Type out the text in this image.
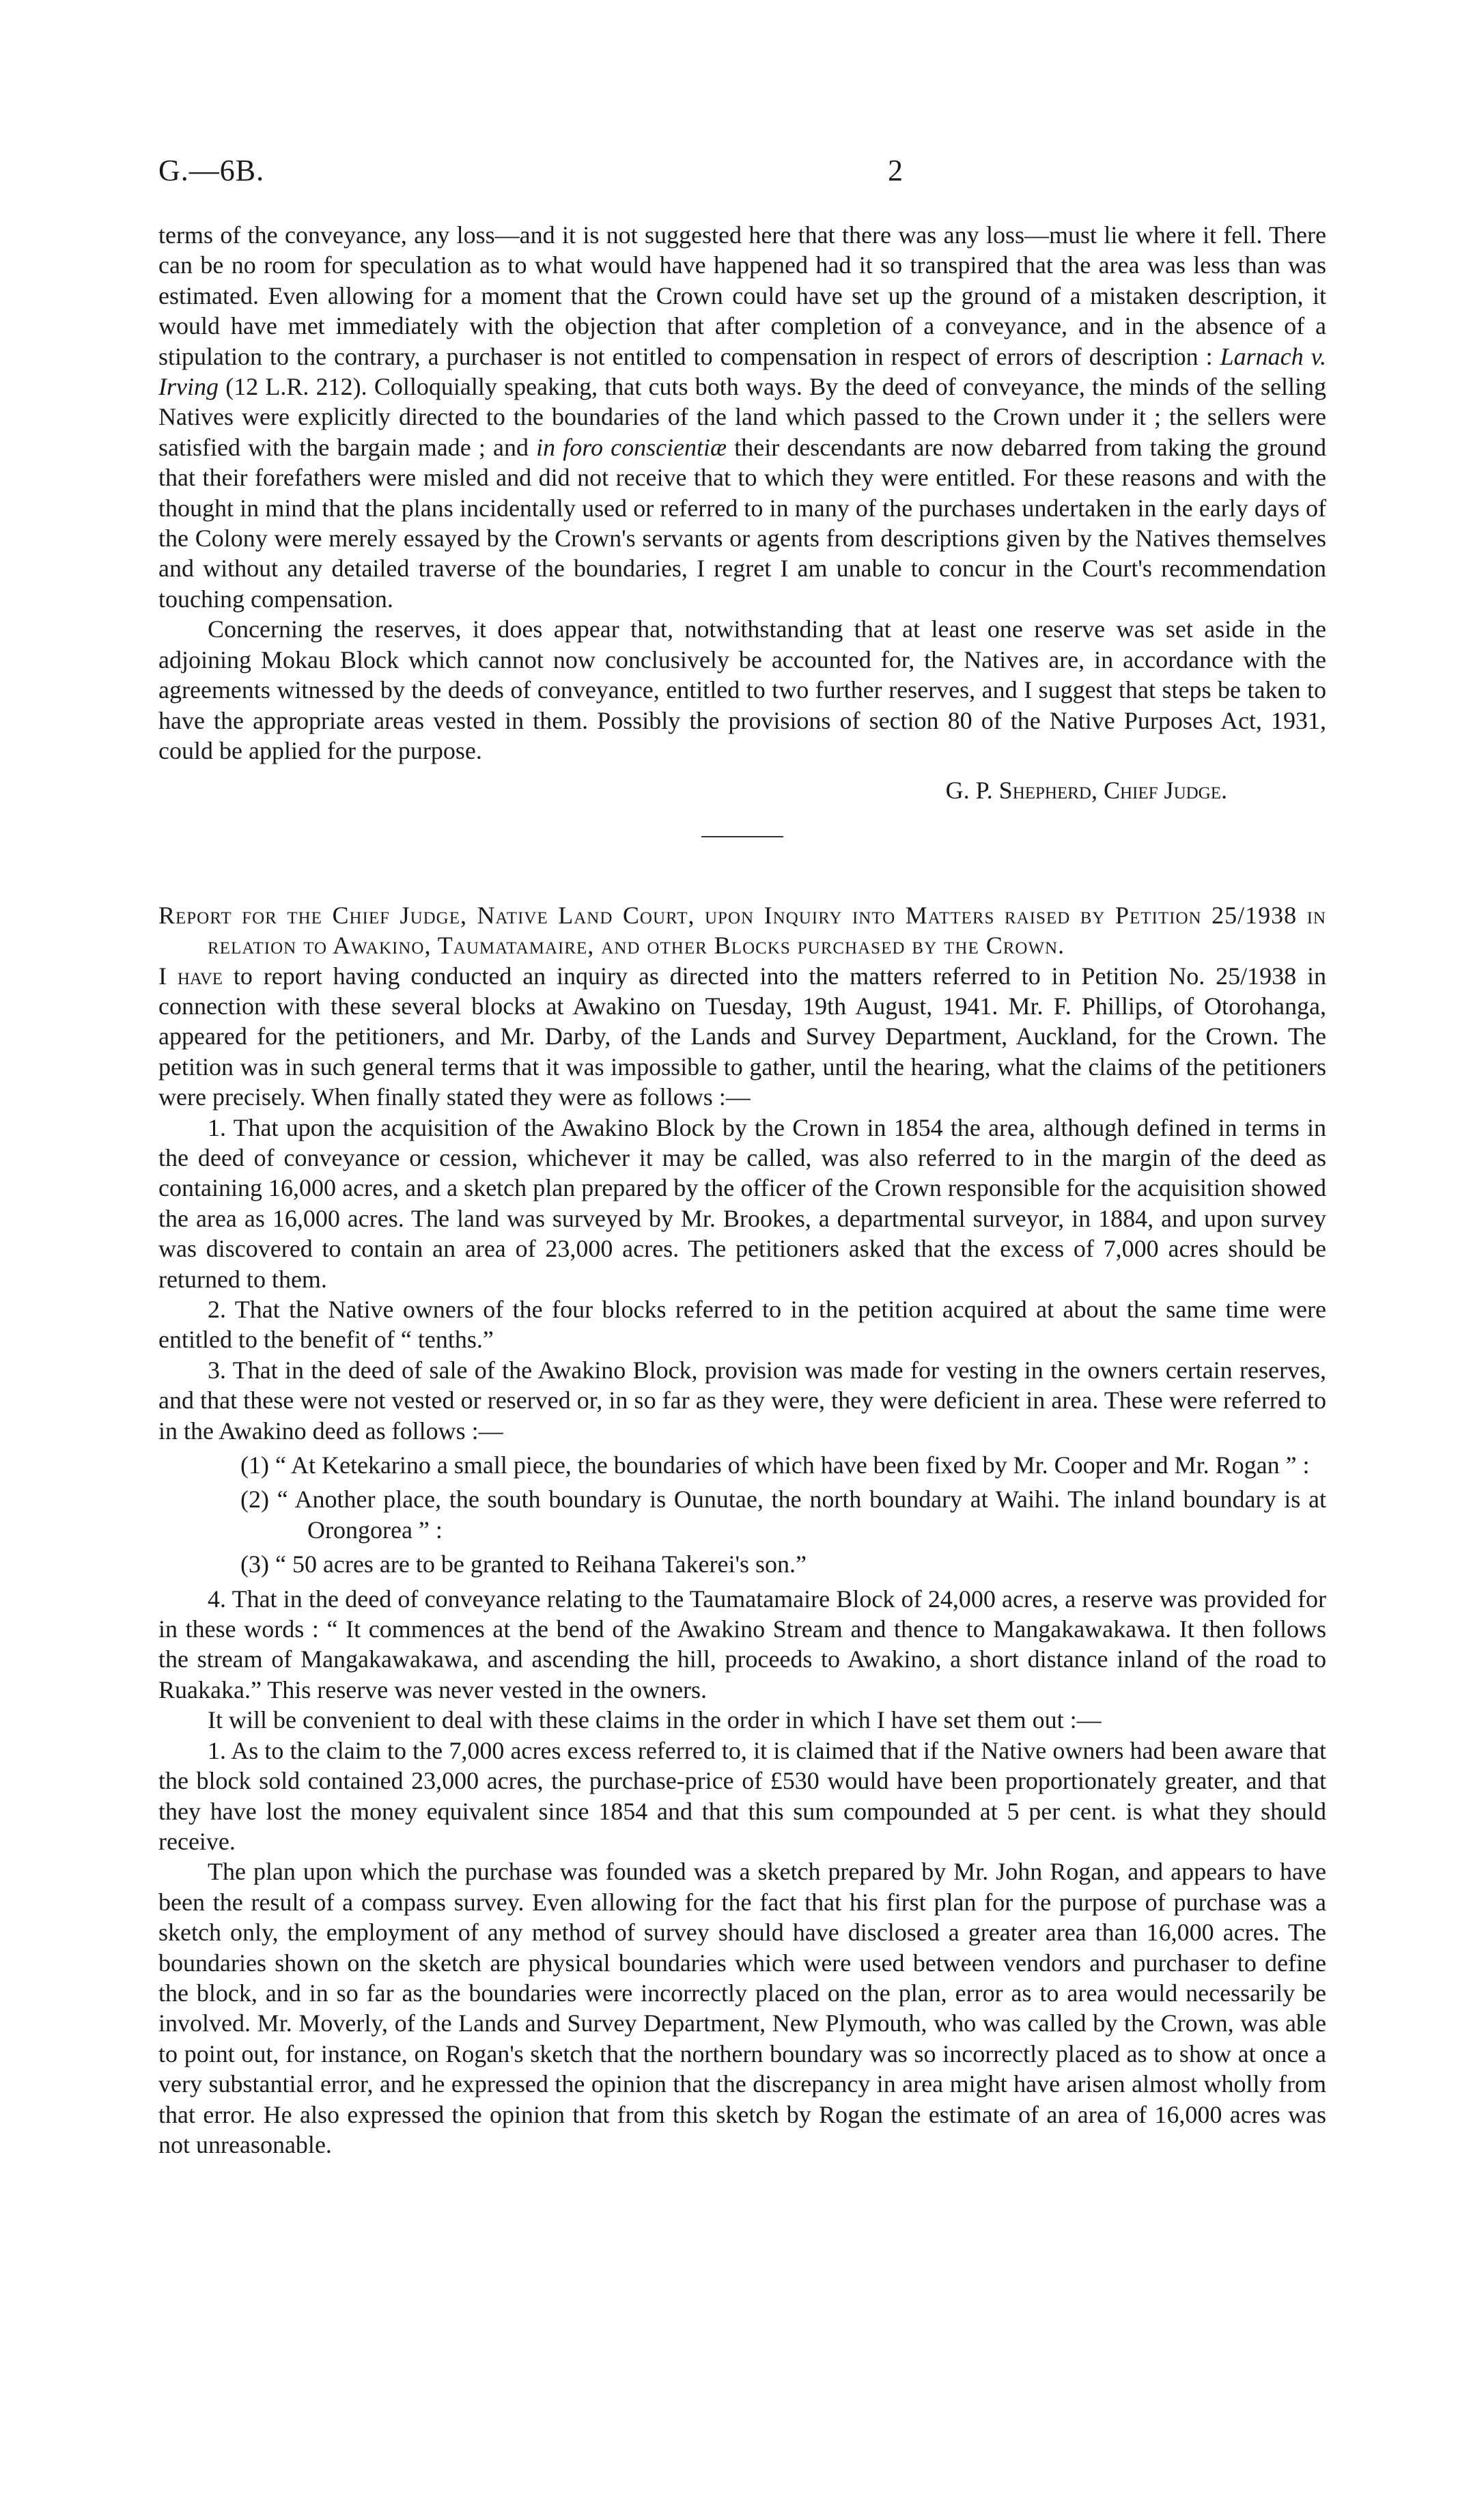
G.—6B.	2

terms of the conveyance, any loss—and it is not suggested here that there was any loss—must lie where it fell. There can be no room for speculation as to what would have happened had it so transpired that the area was less than was estimated. Even allowing for a moment that the Crown could have set up the ground of a mistaken description, it would have met immediately with the objection that after completion of a conveyance, and in the absence of a stipulation to the contrary, a purchaser is not entitled to compensation in respect of errors of description : Larnach v. Irving (12 L.R. 212). Colloquially speaking, that cuts both ways. By the deed of conveyance, the minds of the selling Natives were explicitly directed to the boundaries of the land which passed to the Crown under it ; the sellers were satisfied with the bargain made ; and in foro conscientiæ their descendants are now debarred from taking the ground that their forefathers were misled and did not receive that to which they were entitled. For these reasons and with the thought in mind that the plans incidentally used or referred to in many of the purchases undertaken in the early days of the Colony were merely essayed by the Crown's servants or agents from descriptions given by the Natives themselves and without any detailed traverse of the boundaries, I regret I am unable to concur in the Court's recommendation touching compensation.

Concerning the reserves, it does appear that, notwithstanding that at least one reserve was set aside in the adjoining Mokau Block which cannot now conclusively be accounted for, the Natives are, in accordance with the agreements witnessed by the deeds of conveyance, entitled to two further reserves, and I suggest that steps be taken to have the appropriate areas vested in them. Possibly the provisions of section 80 of the Native Purposes Act, 1931, could be applied for the purpose.

G. P. Shepherd, Chief Judge.

Report for the Chief Judge, Native Land Court, upon Inquiry into Matters raised by Petition 25/1938 in relation to Awakino, Taumatamaire, and other Blocks purchased by the Crown.

I have to report having conducted an inquiry as directed into the matters referred to in Petition No. 25/1938 in connection with these several blocks at Awakino on Tuesday, 19th August, 1941. Mr. F. Phillips, of Otorohanga, appeared for the petitioners, and Mr. Darby, of the Lands and Survey Department, Auckland, for the Crown. The petition was in such general terms that it was impossible to gather, until the hearing, what the claims of the petitioners were precisely. When finally stated they were as follows :—

1. That upon the acquisition of the Awakino Block by the Crown in 1854 the area, although defined in terms in the deed of conveyance or cession, whichever it may be called, was also referred to in the margin of the deed as containing 16,000 acres, and a sketch plan prepared by the officer of the Crown responsible for the acquisition showed the area as 16,000 acres. The land was surveyed by Mr. Brookes, a departmental surveyor, in 1884, and upon survey was discovered to contain an area of 23,000 acres. The petitioners asked that the excess of 7,000 acres should be returned to them.

2. That the Native owners of the four blocks referred to in the petition acquired at about the same time were entitled to the benefit of “ tenths.”

3. That in the deed of sale of the Awakino Block, provision was made for vesting in the owners certain reserves, and that these were not vested or reserved or, in so far as they were, they were deficient in area. These were referred to in the Awakino deed as follows :—

(1) “ At Ketekarino a small piece, the boundaries of which have been fixed by Mr. Cooper and Mr. Rogan ” :

(2) “ Another place, the south boundary is Ounutae, the north boundary at Waihi. The inland boundary is at Orongorea ” :

(3) “ 50 acres are to be granted to Reihana Takerei's son.”

4. That in the deed of conveyance relating to the Taumatamaire Block of 24,000 acres, a reserve was provided for in these words : “ It commences at the bend of the Awakino Stream and thence to Mangakawakawa. It then follows the stream of Mangakawakawa, and ascending the hill, proceeds to Awakino, a short distance inland of the road to Ruakaka.” This reserve was never vested in the owners.

It will be convenient to deal with these claims in the order in which I have set them out :—

1. As to the claim to the 7,000 acres excess referred to, it is claimed that if the Native owners had been aware that the block sold contained 23,000 acres, the purchase-price of £530 would have been proportionately greater, and that they have lost the money equivalent since 1854 and that this sum compounded at 5 per cent. is what they should receive.

The plan upon which the purchase was founded was a sketch prepared by Mr. John Rogan, and appears to have been the result of a compass survey. Even allowing for the fact that his first plan for the purpose of purchase was a sketch only, the employment of any method of survey should have disclosed a greater area than 16,000 acres. The boundaries shown on the sketch are physical boundaries which were used between vendors and purchaser to define the block, and in so far as the boundaries were incorrectly placed on the plan, error as to area would necessarily be involved. Mr. Moverly, of the Lands and Survey Department, New Plymouth, who was called by the Crown, was able to point out, for instance, on Rogan's sketch that the northern boundary was so incorrectly placed as to show at once a very substantial error, and he expressed the opinion that the discrepancy in area might have arisen almost wholly from that error. He also expressed the opinion that from this sketch by Rogan the estimate of an area of 16,000 acres was not unreasonable.
